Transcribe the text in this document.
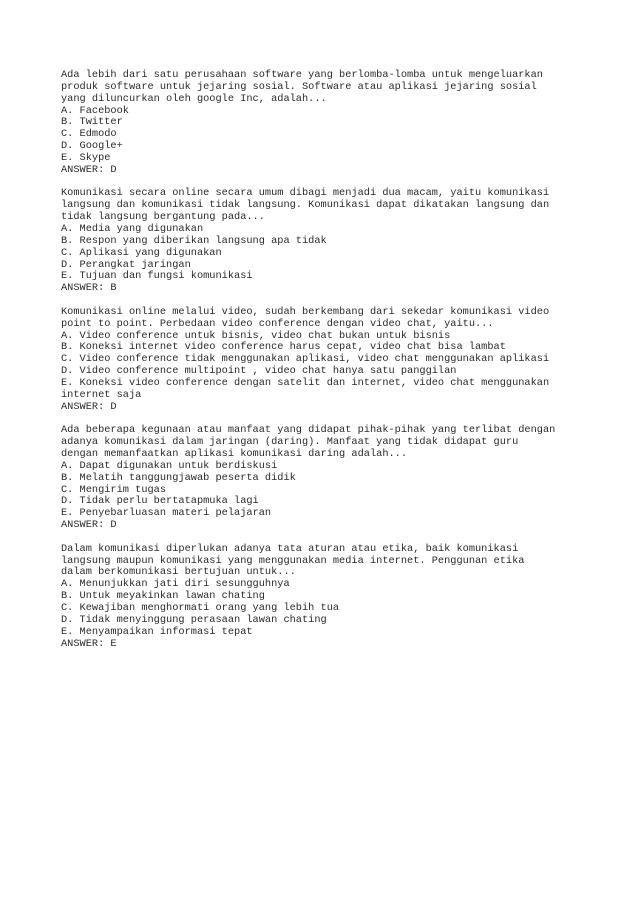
Ada lebih dari satu perusahaan software yang berlomba-lomba untuk mengeluarkan
produk software untuk jejaring sosial. Software atau aplikasi jejaring sosial
yang diluncurkan oleh google Inc, adalah...
A. Facebook
B. Twitter
C. Edmodo
D. Google+
E. Skype
ANSWER: D
Komunikasi secara online secara umum dibagi menjadi dua macam, yaitu komunikasi
langsung dan komunikasi tidak langsung. Komunikasi dapat dikatakan langsung dan
tidak langsung bergantung pada...
A. Media yang digunakan
B. Respon yang diberikan langsung apa tidak
C. Aplikasi yang digunakan
D. Perangkat jaringan
E. Tujuan dan fungsi komunikasi
ANSWER: B
Komunikasi online melalui video, sudah berkembang dari sekedar komunikasi video
point to point. Perbedaan video conference dengan video chat, yaitu...
A. Video conference untuk bisnis, video chat bukan untuk bisnis
B. Koneksi internet video conference harus cepat, video chat bisa lambat
C. Video conference tidak menggunakan aplikasi, video chat menggunakan aplikasi
D. Video conference multipoint , video chat hanya satu panggilan
E. Koneksi video conference dengan satelit dan internet, video chat menggunakan
internet saja
ANSWER: D
Ada beberapa kegunaan atau manfaat yang didapat pihak-pihak yang terlibat dengan
adanya komunikasi dalam jaringan (daring). Manfaat yang tidak didapat guru
dengan memanfaatkan aplikasi komunikasi daring adalah...
A. Dapat digunakan untuk berdiskusi
B. Melatih tanggungjawab peserta didik
C. Mengirim tugas
D. Tidak perlu bertatapmuka lagi
E. Penyebarluasan materi pelajaran
ANSWER: D
Dalam komunikasi diperlukan adanya tata aturan atau etika, baik komunikasi
langsung maupun komunikasi yang menggunakan media internet. Penggunan etika
dalam berkomunikasi bertujuan untuk...
A. Menunjukkan jati diri sesungguhnya
B. Untuk meyakinkan lawan chating
C. Kewajiban menghormati orang yang lebih tua
D. Tidak menyinggung perasaan lawan chating
E. Menyampaikan informasi tepat
ANSWER: E
